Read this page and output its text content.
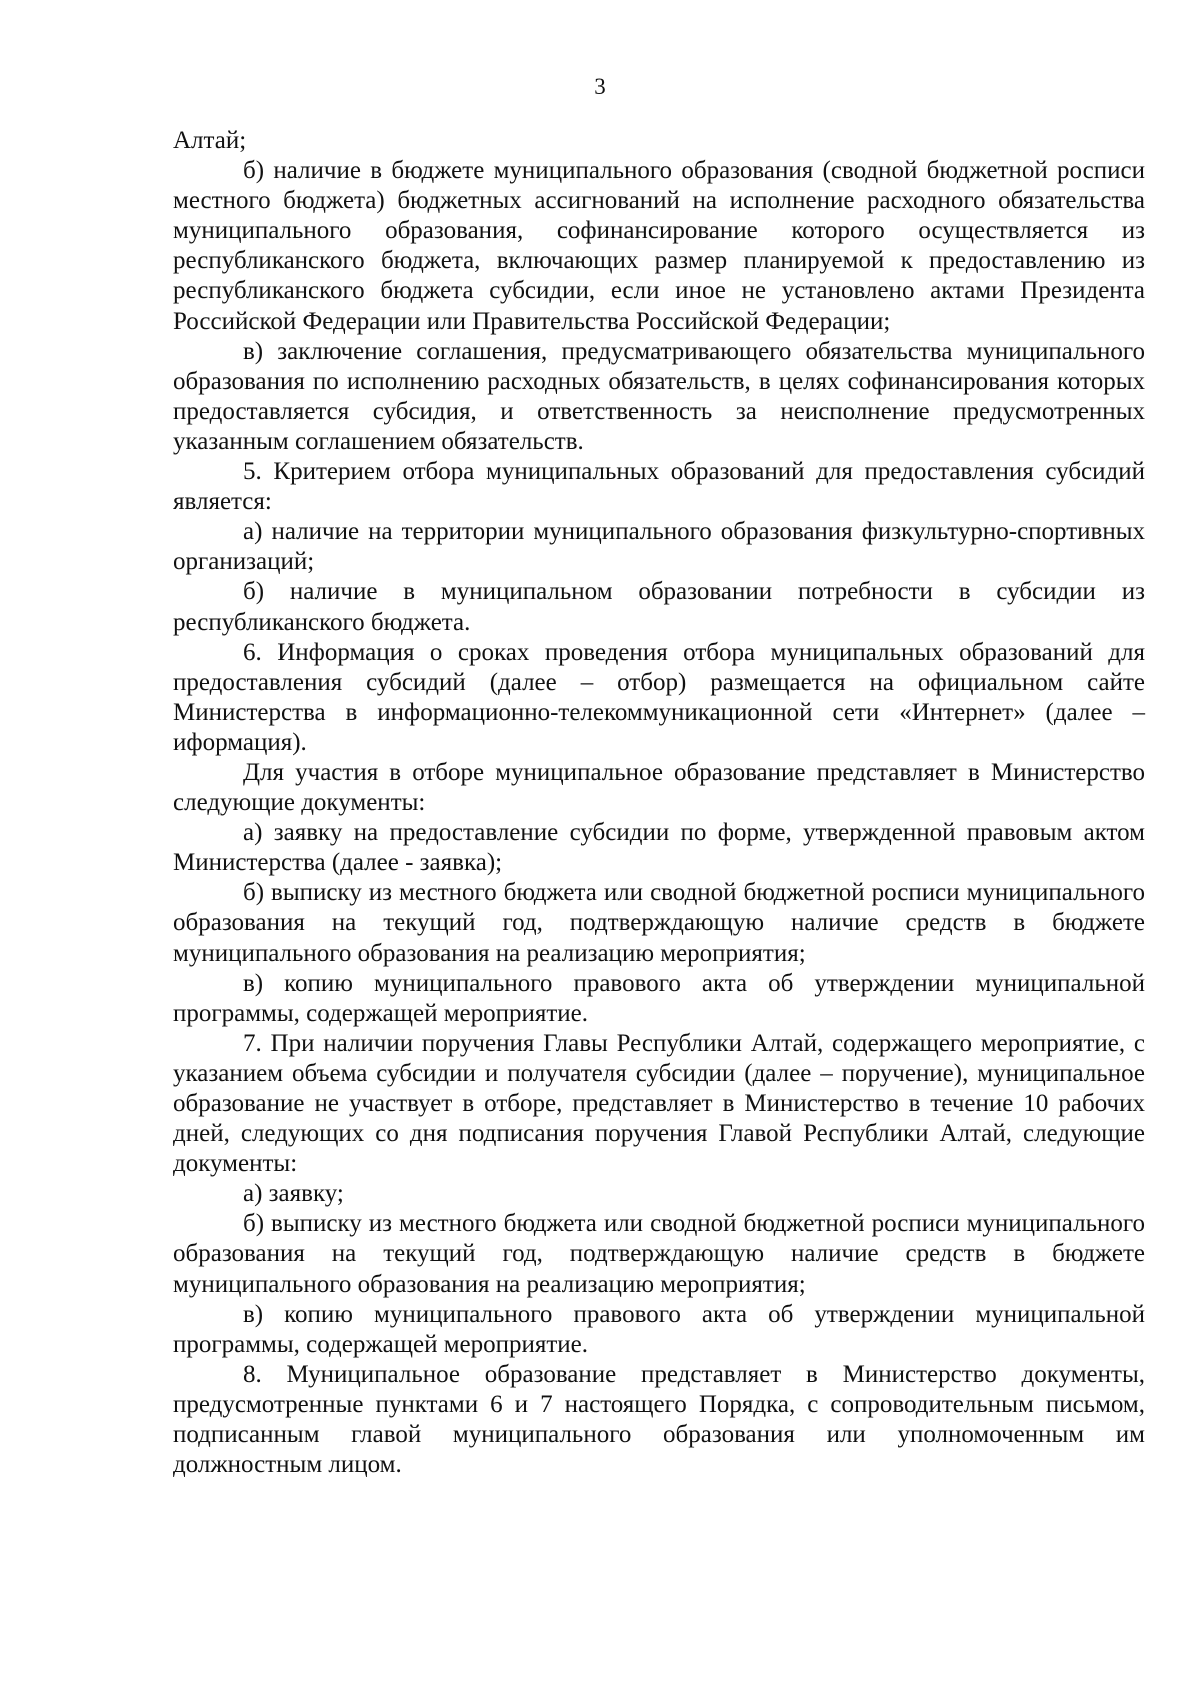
3

Алтай;

б) наличие в бюджете муниципального образования (сводной бюджетной росписи местного бюджета) бюджетных ассигнований на исполнение расходного обязательства муниципального образования, софинансирование которого осуществляется из республиканского бюджета, включающих размер планируемой к предоставлению из республиканского бюджета субсидии, если иное не установлено актами Президента Российской Федерации или Правительства Российской Федерации;

в) заключение соглашения, предусматривающего обязательства муниципального образования по исполнению расходных обязательств, в целях софинансирования которых предоставляется субсидия, и ответственность за неисполнение предусмотренных указанным соглашением обязательств.

5. Критерием отбора муниципальных образований для предоставления субсидий является:

а) наличие на территории муниципального образования физкультурно-спортивных организаций;

б) наличие в муниципальном образовании потребности в субсидии из республиканского бюджета.

6. Информация о сроках проведения отбора муниципальных образований для предоставления субсидий (далее – отбор) размещается на официальном сайте Министерства в информационно-телекоммуникационной сети «Интернет» (далее – иформация).

Для участия в отборе муниципальное образование представляет в Министерство следующие документы:

а) заявку на предоставление субсидии по форме, утвержденной правовым актом Министерства (далее - заявка);

б) выписку из местного бюджета или сводной бюджетной росписи муниципального образования на текущий год, подтверждающую наличие средств в бюджете муниципального образования на реализацию мероприятия;

в) копию муниципального правового акта об утверждении муниципальной программы, содержащей мероприятие.

7. При наличии поручения Главы Республики Алтай, содержащего мероприятие, с указанием объема субсидии и получателя субсидии (далее – поручение), муниципальное образование не участвует в отборе, представляет в Министерство в течение 10 рабочих дней, следующих со дня подписания поручения Главой Республики Алтай, следующие документы:

а) заявку;

б) выписку из местного бюджета или сводной бюджетной росписи муниципального образования на текущий год, подтверждающую наличие средств в бюджете муниципального образования на реализацию мероприятия;

в) копию муниципального правового акта об утверждении муниципальной программы, содержащей мероприятие.

8. Муниципальное образование представляет в Министерство документы, предусмотренные пунктами 6 и 7 настоящего Порядка, с сопроводительным письмом, подписанным главой муниципального образования или уполномоченным им должностным лицом.
